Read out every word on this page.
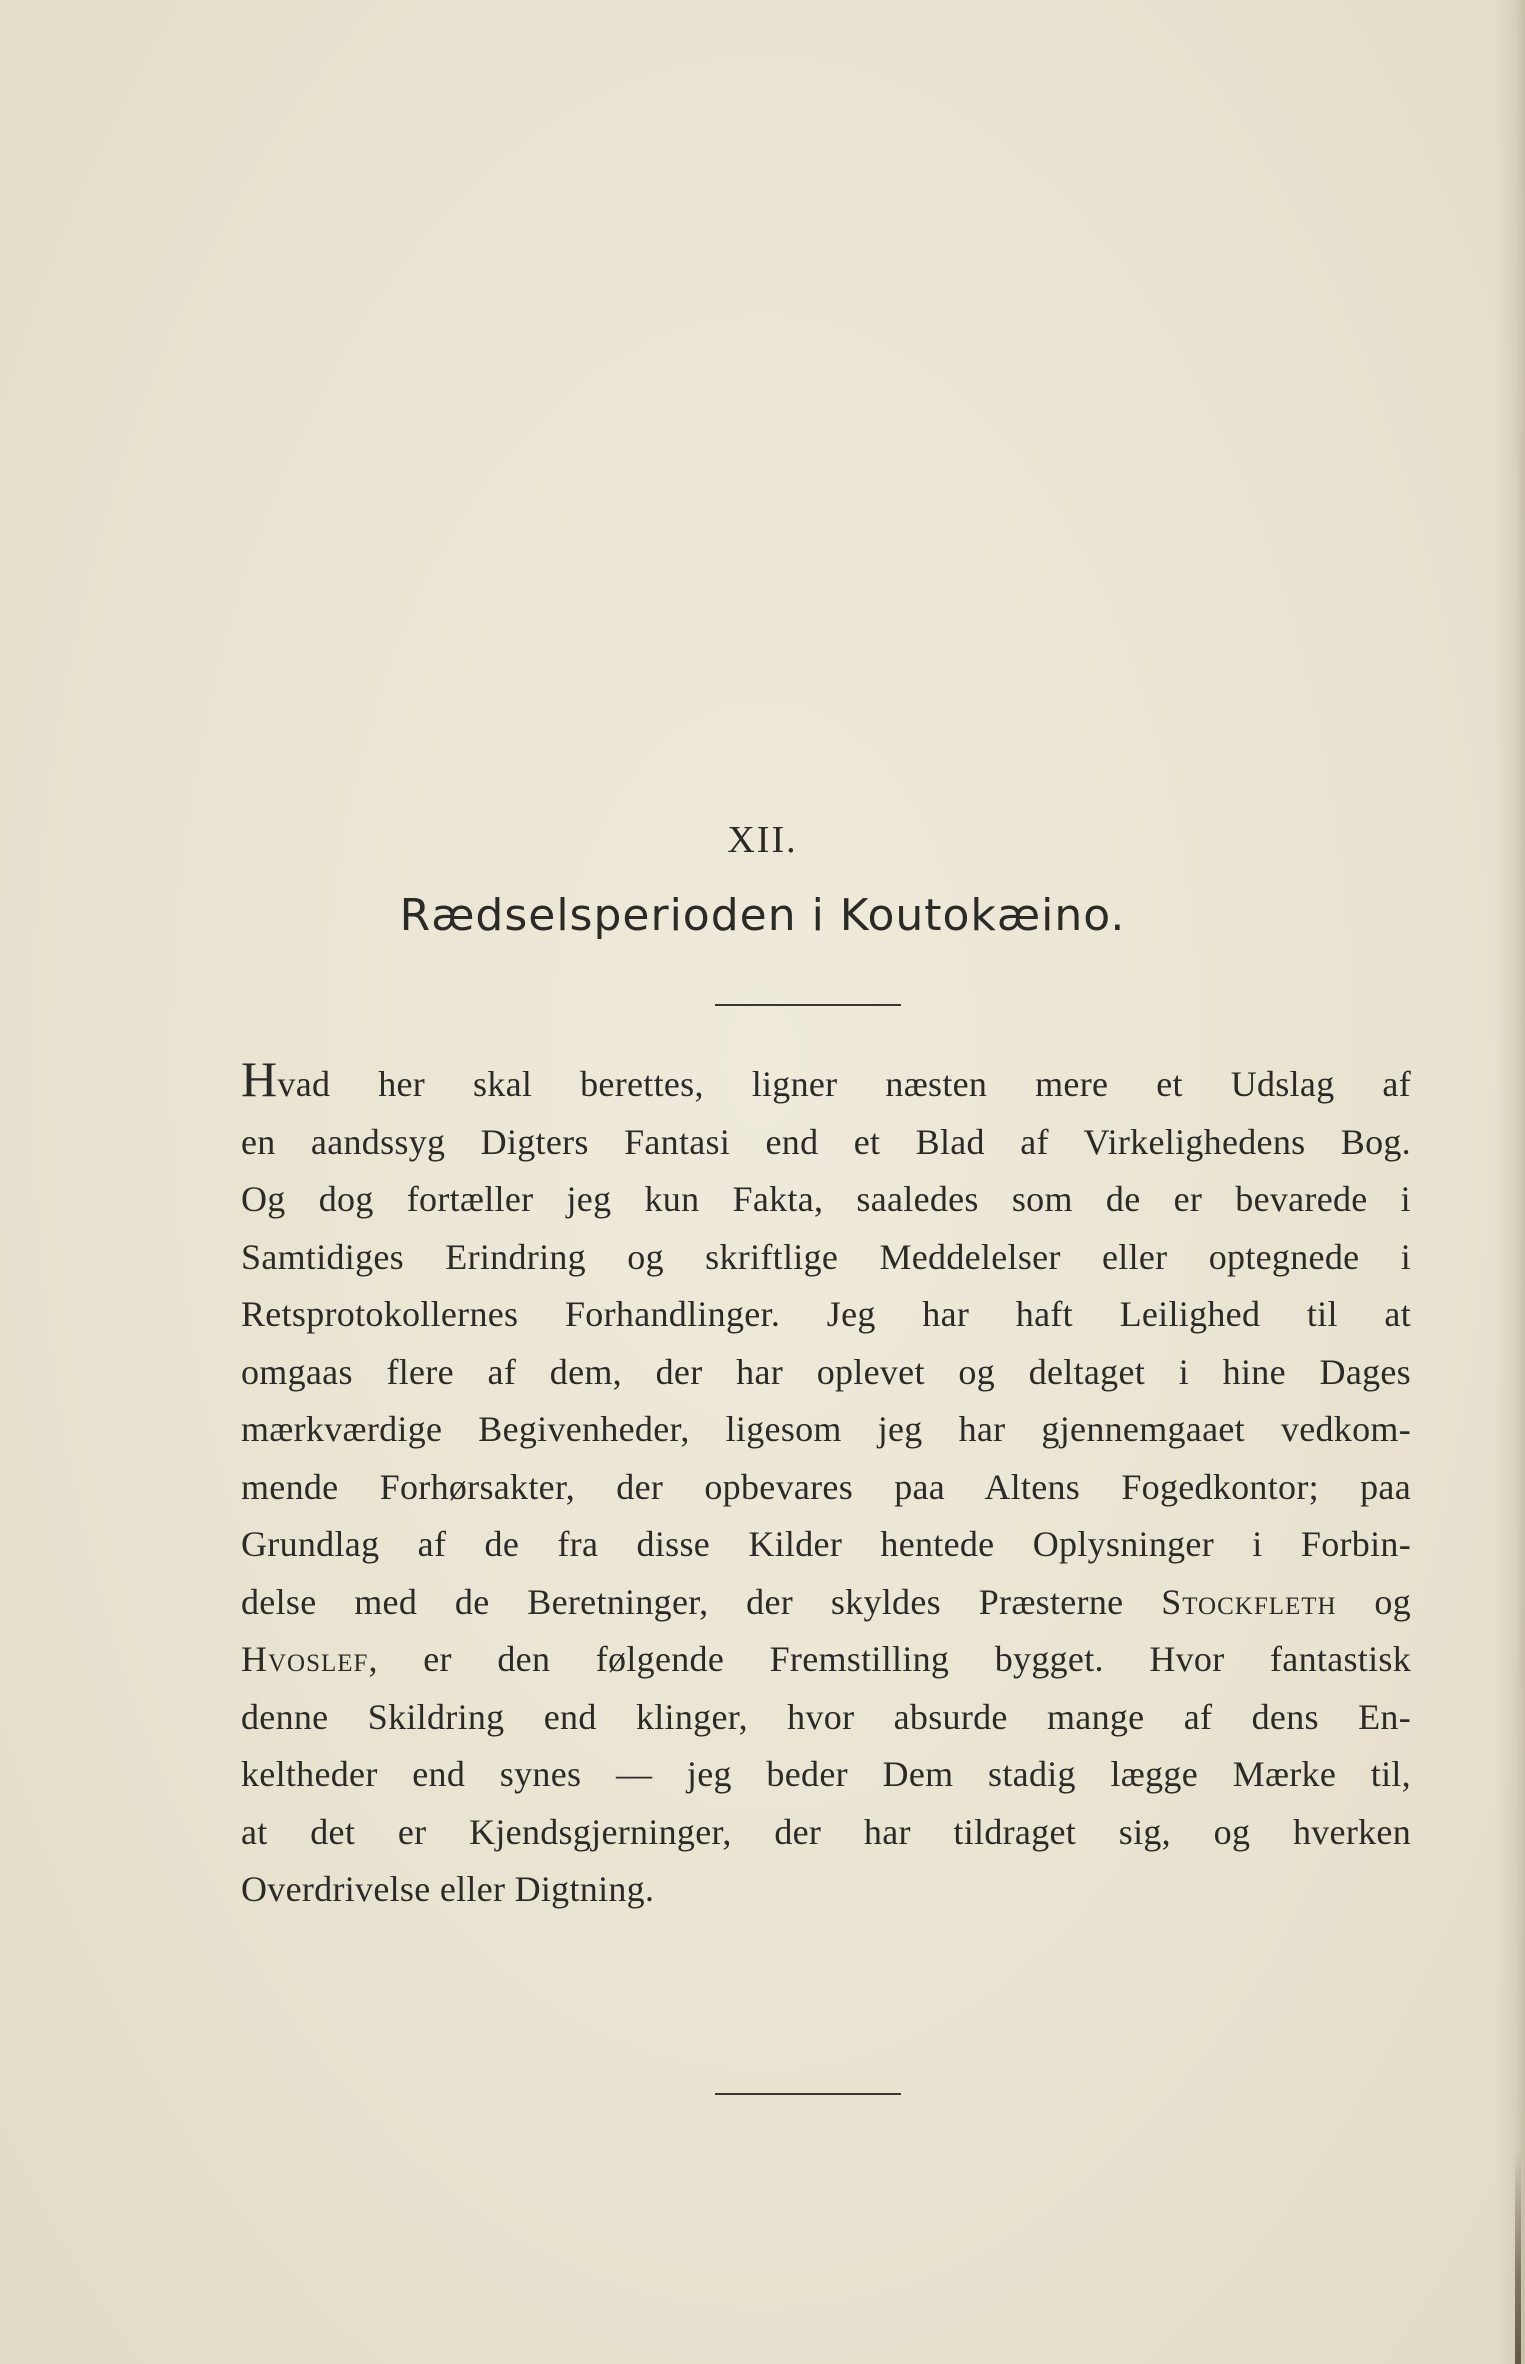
XII.
Rædselsperioden i Koutokæino.
Hvad her skal berettes, ligner næsten mere et Udslag af
en aandssyg Digters Fantasi end et Blad af Virkelighedens Bog.
Og dog fortæller jeg kun Fakta, saaledes som de er bevarede i
Samtidiges Erindring og skriftlige Meddelelser eller optegnede i
Retsprotokollernes Forhandlinger. Jeg har haft Leilighed til at
omgaas flere af dem, der har oplevet og deltaget i hine Dages
mærkværdige Begivenheder, ligesom jeg har gjennemgaaet vedkom-
mende Forhørsakter, der opbevares paa Altens Fogedkontor; paa
Grundlag af de fra disse Kilder hentede Oplysninger i Forbin-
delse med de Beretninger, der skyldes Præsterne Stockfleth og
Hvoslef, er den følgende Fremstilling bygget. Hvor fantastisk
denne Skildring end klinger, hvor absurde mange af dens En-
keltheder end synes — jeg beder Dem stadig lægge Mærke til,
at det er Kjendsgjerninger, der har tildraget sig, og hverken
Overdrivelse eller Digtning.
